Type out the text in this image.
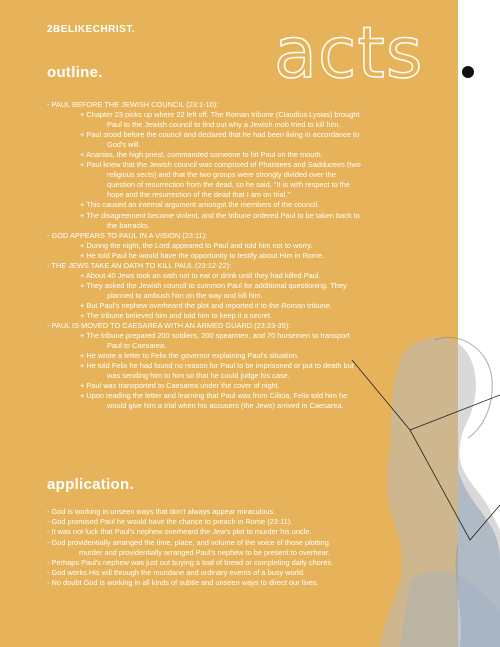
2BELIKECHRIST. acts
outline.

- PAUL BEFORE THE JEWISH COUNCIL (23:1-10):

+ Chapter 23 picks up where 22 left off. The Roman tribune (Claudius Lysias) brought
Paul to the Jewish council to find out why a Jewish mob tried to kill him.

+ Paul stood before the council and declared that he had been living in accordance to
God's will.

+ Ananias, the high priest, commanded someone to hit Paul on the mouth.

+ Paul knew that the Jewish council was comprised of Pharisees and Sadducees (two
religious sects) and that the two groups were strongly divided over the
question of resurrection from the dead, so he said, "It is with respect to the
hope and the resurrection of the dead that I am on trial."

+ This caused an internal argument amongst the members of the council.

+ The disagreement became violent, and the tribune ordered Paul to be taken back to
the barracks.

- GOD APPEARS TO PAUL IN A VISION (23:11):

+ During the night, the Lord appeared to Paul and told him not to worry.

+ He told Paul he would have the opportunity to testify about Him in Rome.

- THE JEWS TAKE AN OATH TO KILL PAUL (23:12-22):

+ About 40 Jews took an oath not to eat or drink until they had killed Paul.

+ They asked the Jewish council to summon Paul for additional questioning. They
planned to ambush him on the way and kill him.

+ But Paul's nephew overheard the plot and reported it to the Roman tribune.

+ The tribune believed him and told him to keep it a secret.

- PAUL IS MOVED TO CAESAREA WITH AN ARMED GUARD (23:23-35):

+ The tribune prepared 200 soldiers, 200 spearmen, and 70 horsemen to transport
Paul to Caesarea.

+ He wrote a letter to Felix the governor explaining Paul's situation.

+ He told Felix he had found no reason for Paul to be imprisoned or put to death but
was sending him to him so that he could judge his case.

+ Paul was transported to Caesarea under the cover of night.

+ Upon reading the letter and learning that Paul was from Cilicia, Felix told him he
would give him a trial when his accusers (the Jews) arrived in Caesarea.

application.

- God is working in unseen ways that don't always appear miraculous.

- God promised Paul he would have the chance to preach in Rome (23:11).

- It was not luck that Paul's nephew overheard the Jew's plot to murder his uncle.

- God providentially arranged the time, place, and volume of the voice of those plotting
murder and providentially arranged Paul's nephew to be present to overhear.

- Perhaps Paul's nephew was just out buying a loaf of bread or completing daily chores.

- God works His will through the mundane and ordinary events of a busy world.

- No doubt God is working in all kinds of subtle and unseen ways to direct our lives.
